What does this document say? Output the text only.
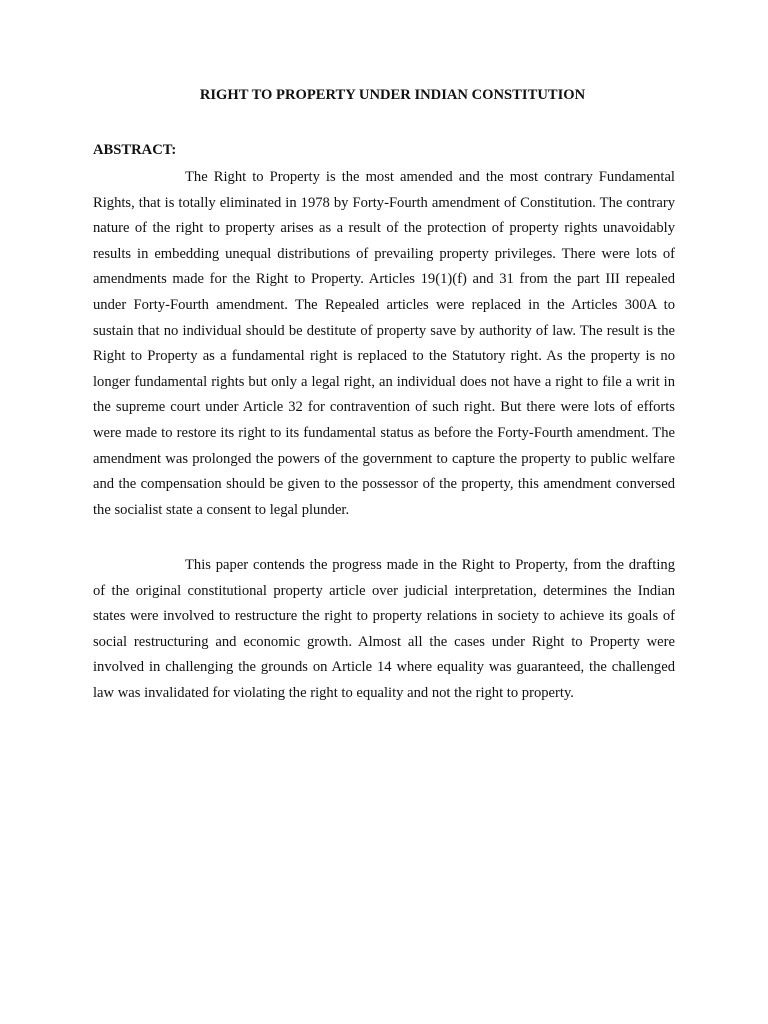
RIGHT TO PROPERTY UNDER INDIAN CONSTITUTION
ABSTRACT:

The Right to Property is the most amended and the most contrary Fundamental Rights, that is totally eliminated in 1978 by Forty-Fourth amendment of Constitution. The contrary nature of the right to property arises as a result of the protection of property rights unavoidably results in embedding unequal distributions of prevailing property privileges. There were lots of amendments made for the Right to Property. Articles 19(1)(f) and 31 from the part III repealed under Forty-Fourth amendment. The Repealed articles were replaced in the Articles 300A to sustain that no individual should be destitute of property save by authority of law. The result is the Right to Property as a fundamental right is replaced to the Statutory right. As the property is no longer fundamental rights but only a legal right, an individual does not have a right to file a writ in the supreme court under Article 32 for contravention of such right. But there were lots of efforts were made to restore its right to its fundamental status as before the Forty-Fourth amendment. The amendment was prolonged the powers of the government to capture the property to public welfare and the compensation should be given to the possessor of the property, this amendment conversed the socialist state a consent to legal plunder.

This paper contends the progress made in the Right to Property, from the drafting of the original constitutional property article over judicial interpretation, determines the Indian states were involved to restructure the right to property relations in society to achieve its goals of social restructuring and economic growth. Almost all the cases under Right to Property were involved in challenging the grounds on Article 14 where equality was guaranteed, the challenged law was invalidated for violating the right to equality and not the right to property.
